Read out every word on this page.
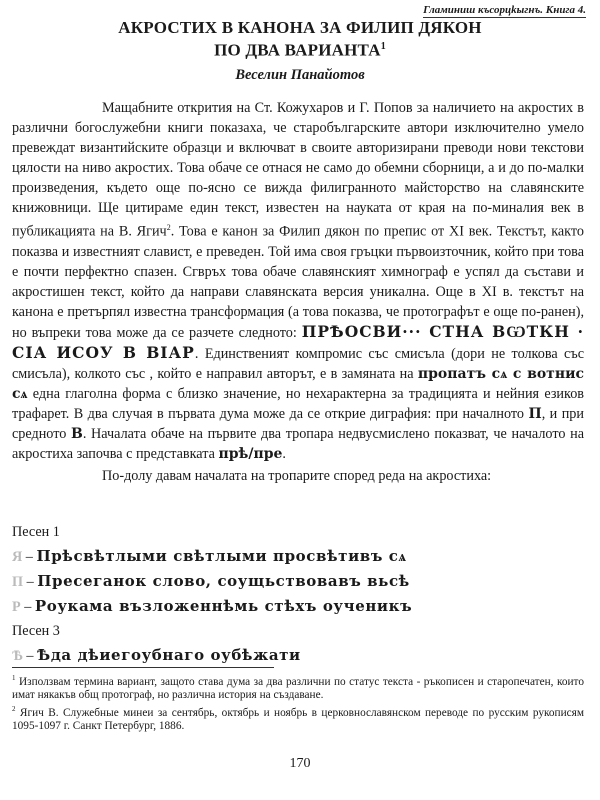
Гламиниш късорцkыгнъ. Книга 4.
АКРОСТИХ В КАНОНА ЗА ФИЛИП ДЯКОН
ПО ДВА ВАРИАНТА$^1$
Веселин Панайотов

Мащабните открития на Ст. Кожухаров и Г. Попов за наличието на акростих в различни богослужебни книги показаха, че старобългарските автори изключително умело превеждат византийските образци и включват в своите авторизирани преводи нови текстови цялости на ниво акростих. Това обаче се отнася не само до обемни сборници, а и до по-малки произведения, където още по-ясно се вижда филигранното майсторство на славянските книжовници. Ще цитираме един текст, известен на науката от края на по-миналия век в публикацията на В. Ягич$^2$. Това е канон за Филип дякон по препис от XI век. Текстът, както показва и известният славист, е преведен. Той има своя гръцки първоизточник, който при това е почти перфектно спазен. Сгвръх това обаче славянският химнограф е успял да състави и акростишен текст, който да направи славянската версия уникална. Още в XI в. текстът на канона е претърпял известна трансформация (а това показва, че протографът е още по-ранен), но въпреки това може да се разчете следното: ПРѢОСВИ··· СТНА ВѠТКН · СІА ИСОУ В ВІАР. Единственият компромис със смисъла (дори не толкова със смисъла), колкото със , който е направил авторът, е в замяната на пропатъ сѧ с вотнис сѧ една глаголна форма с близко значение, но нехарактерна за традицията и нейния езиков трафарет. В два случая в първата дума може да се открие диграфия: при началното П, и при средното В. Началата обаче на първите два тропара недвусмислено показват, че началото на акростиха започва с представката прѣ/пре.

По-долу давам началата на тропарите според реда на акростиха:

Песен 1
Я – Прѣсвѣтлыми свѣтлыми просвѣтивъ сѧ
П – Пресеганок слово, соущьствовавъ вьсѣ
Р – Роукама възложеннѣмь стѣхъ оученикъ
Песен 3
Ѣ – Ѣда дѣиегоубнаго оубѣжати

$^1$ Използвам термина вариант, защото става дума за два различни по статус текста - ръкописен и старопечатен, които имат някакъв общ протограф, но различна история на създаване.

$^2$ Ягич В. Служебные минеи за сентябрь, октябрь и ноябрь в церковнославянском переводе по русским рукописям 1095-1097 г. Санкт Петербург, 1886.

170
